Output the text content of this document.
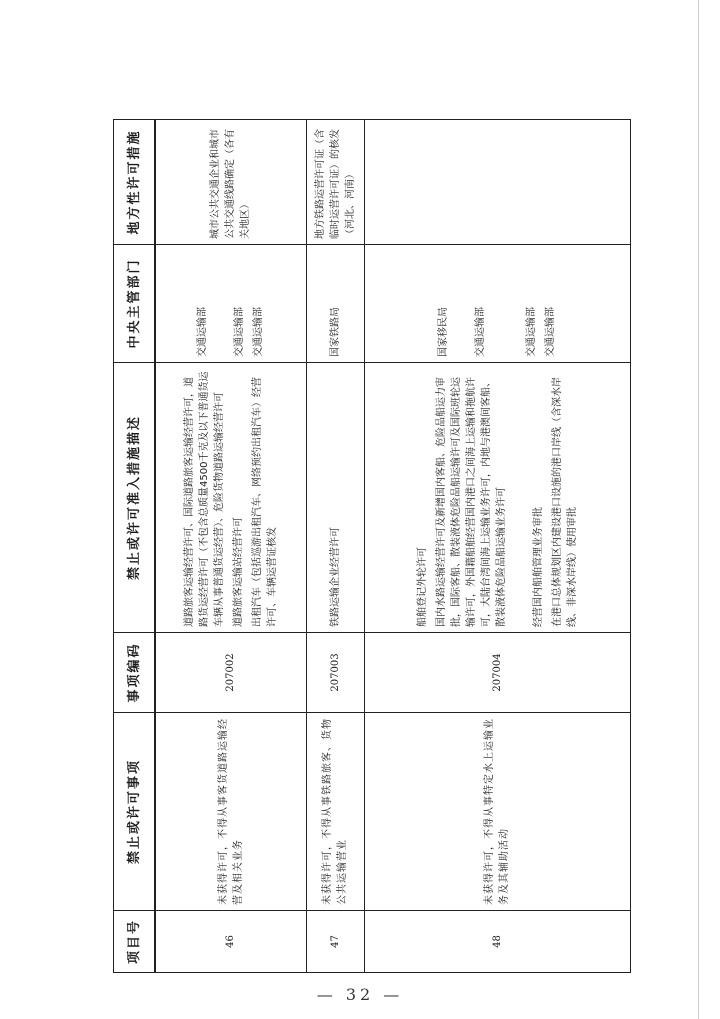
项目号	禁止或许可事项	事项编码	禁止或许可准入措施描述	中央主管部门	地方性许可措施
46	未获得许可，不得从事客货道路运输经营及相关业务	207002	道路旅客运输经营许可、国际道路旅客运输经营许可，道路货运经营许可（不包含总质量4500千克及以下普通货运车辆从事普通货运经营）、危险货物道路运输经营许可 道路旅客运输站经营许可 出租汽车（包括巡游出租汽车、网络预约出租汽车）经营许可、车辆运营证核发	交通运输部 交通运输部 交通运输部	城市公共交通企业和城市公共交通线路确定（各有关地区）
47	未获得许可，不得从事铁路旅客、货物公共运输营业	207003	铁路运输企业经营许可	国家铁路局	地方铁路运营许可证（含临时运营许可证）的核发（河北、河南）
48	未获得许可，不得从事特定水上运输业务及其辅助活动	207004	船舶登记外轮许可 国内水路运输经营许可及新增国内客船、危险品船运力审批，国际客船、散装液体危险品船运输许可及国际班轮运输许可，外国籍船舶经营国内港口之间海上运输和拖航许可，大陆台湾间海上运输业务许可，内地与港澳间客船、散装液体危险品船运输业务许可 经营国内船舶管理业务审批 在港口总体规划区内建设港口设施的港口岸线（含深水岸线、非深水岸线）使用审批	国家移民局 交通运输部 交通运输部 交通运输部	

— 32 —
